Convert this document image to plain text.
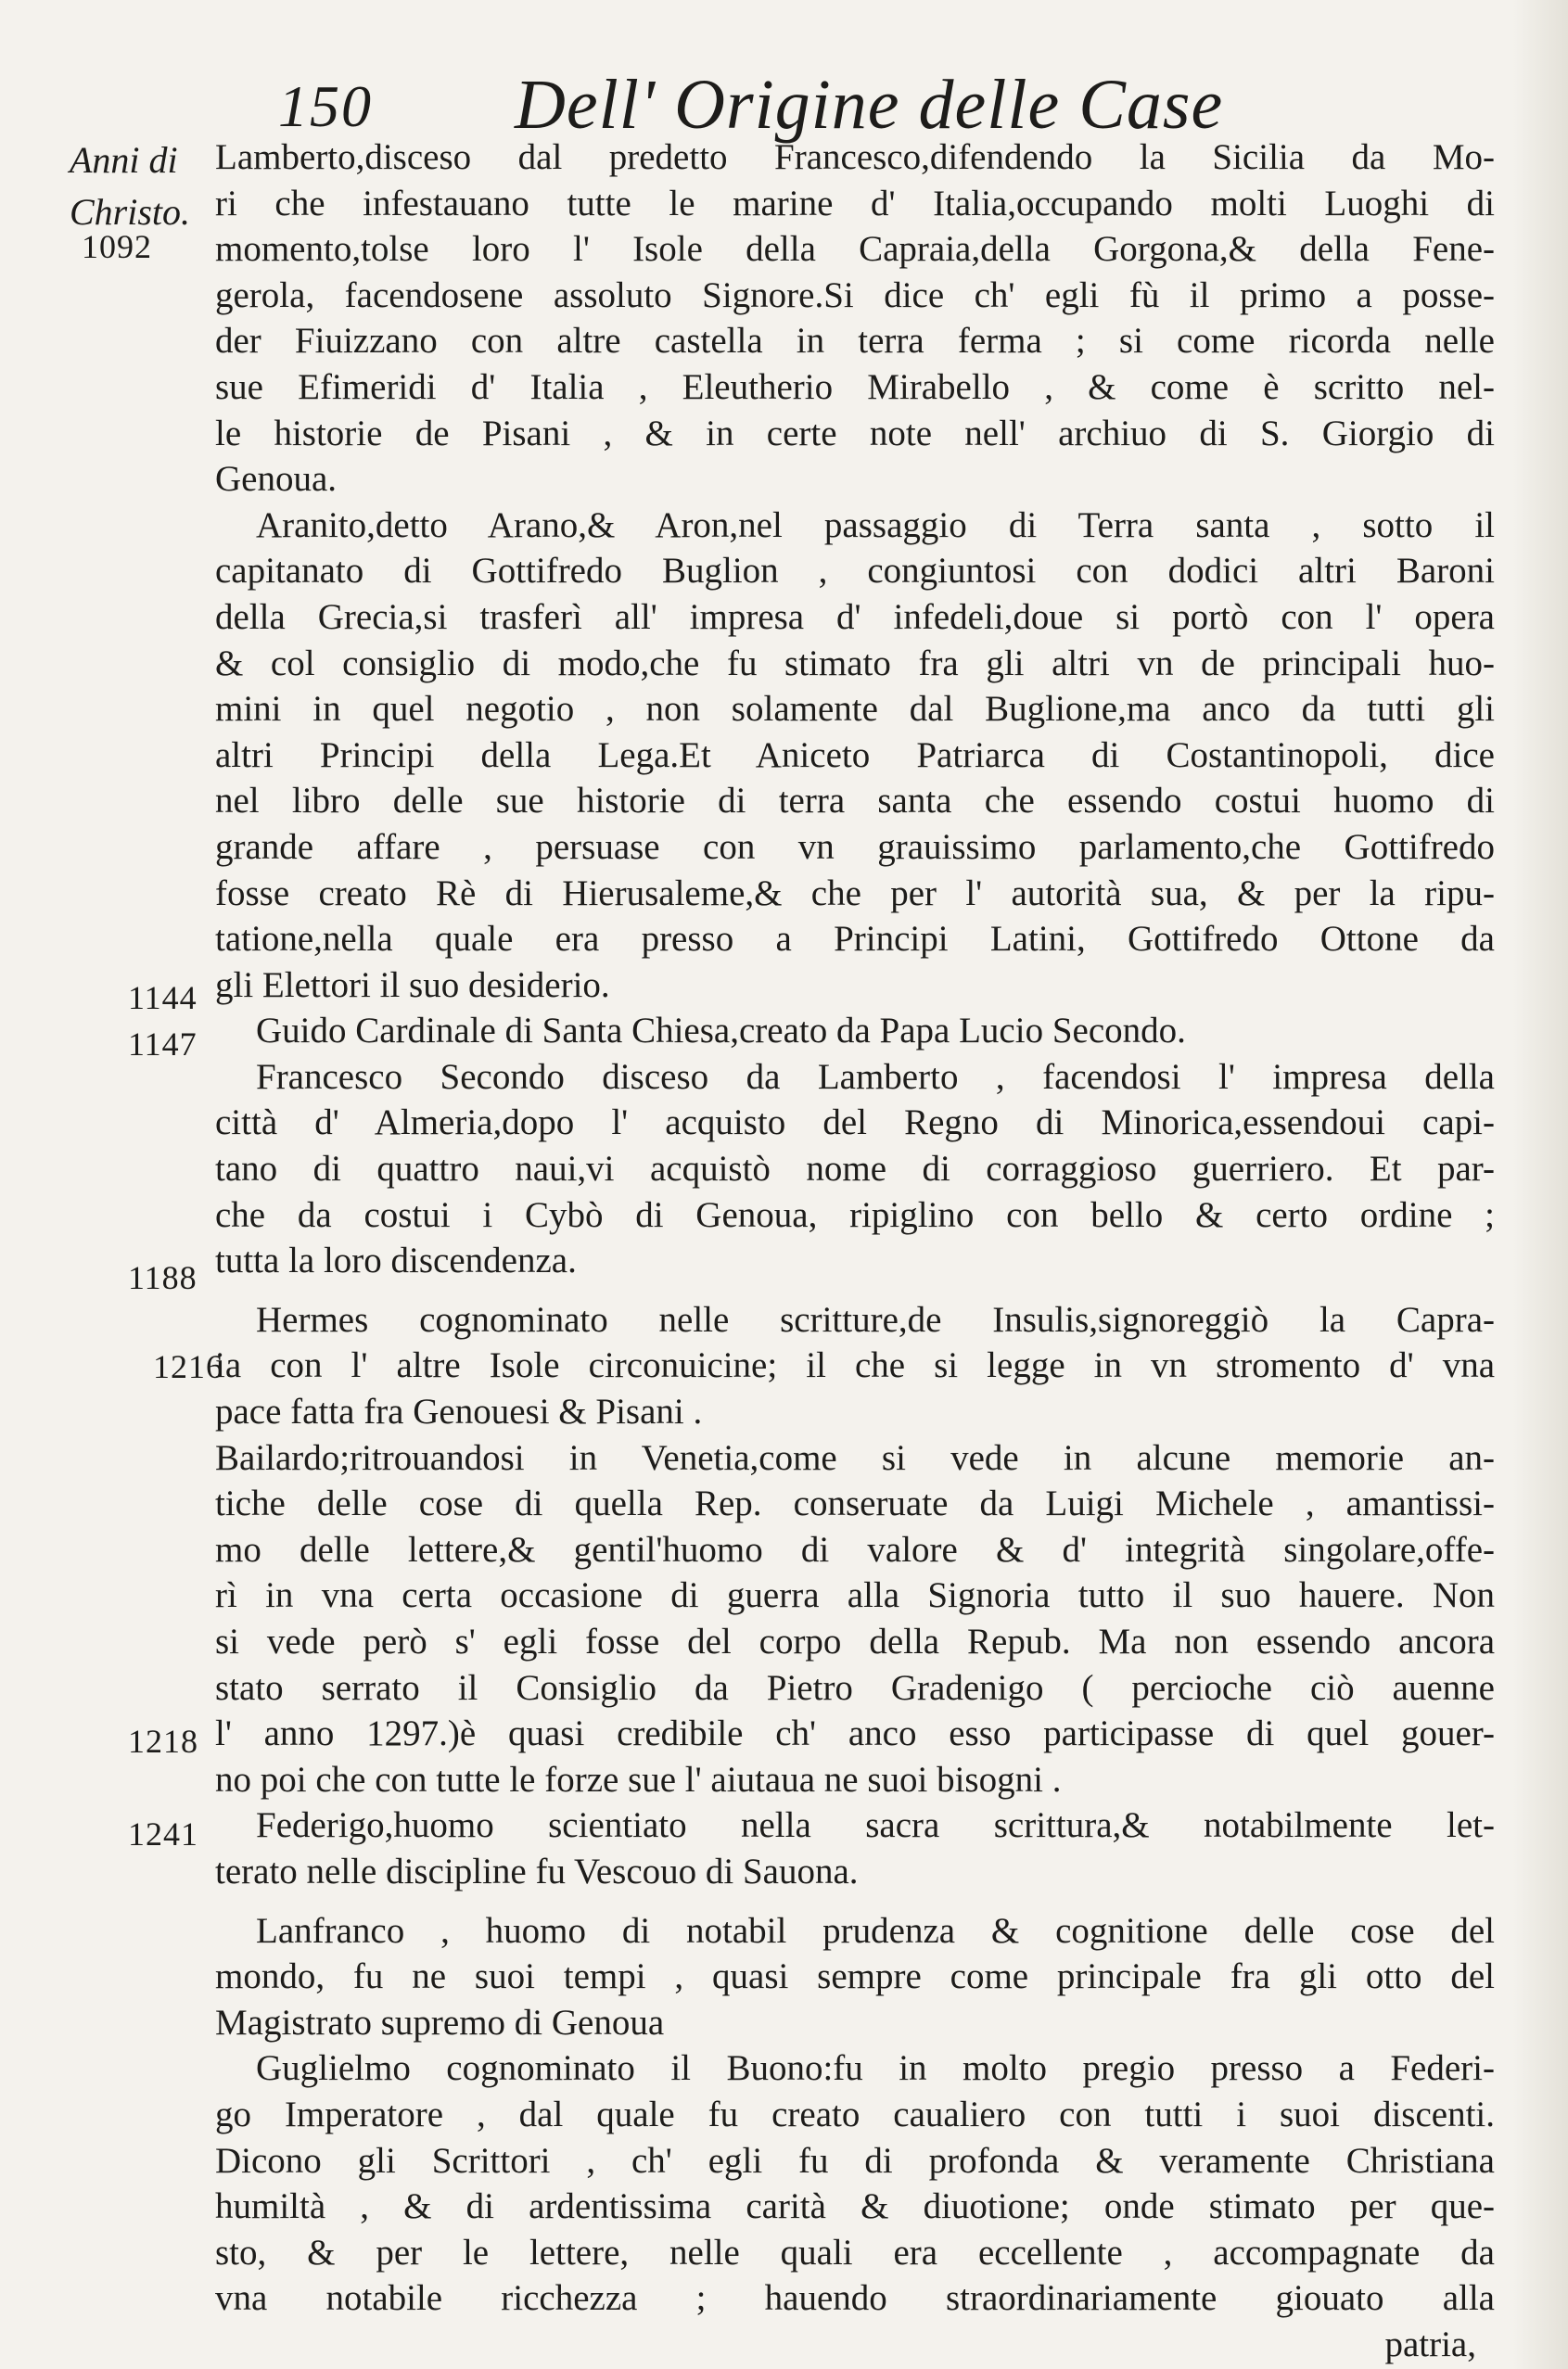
150 Dell' Origine delle Case
Anni di
Christo.
1092
1144
1147
1188
1216
1218
1241
Lamberto,disceso dal predetto Francesco,difendendo la Sicilia da Mo-
ri che infestauano tutte le marine d' Italia,occupando molti Luoghi di
momento,tolse loro l' Isole della Capraia,della Gorgona,& della Fene-
gerola, facendosene assoluto Signore.Si dice ch' egli fù il primo a posse-
der Fiuizzano con altre castella in terra ferma ; si come ricorda nelle
sue Efimeridi d' Italia , Eleutherio Mirabello , & come è scritto nel-
le historie de Pisani , & in certe note nell' archiuo di S. Giorgio di
Genoua.
Aranito,detto Arano,& Aron,nel passaggio di Terra santa , sotto il
capitanato di Gottifredo Buglion , congiuntosi con dodici altri Baroni
della Grecia,si trasferì all' impresa d' infedeli,doue si portò con l' opera
& col consiglio di modo,che fu stimato fra gli altri vn de principali huo-
mini in quel negotio , non solamente dal Buglione,ma anco da tutti gli
altri Principi della Lega.Et Aniceto Patriarca di Costantinopoli, dice
nel libro delle sue historie di terra santa che essendo costui huomo di
grande affare , persuase con vn grauissimo parlamento,che Gottifredo
fosse creato Rè di Hierusaleme,& che per l' autorità sua, & per la ripu-
tatione,nella quale era presso a Principi Latini, Gottifredo Ottone da
gli Elettori il suo desiderio.
Guido Cardinale di Santa Chiesa,creato da Papa Lucio Secondo.
Francesco Secondo disceso da Lamberto , facendosi l' impresa della
città d' Almeria,dopo l' acquisto del Regno di Minorica,essendoui capi-
tano di quattro naui,vi acquistò nome di corraggioso guerriero. Et par-
che da costui i Cybò di Genoua, ripiglino con bello & certo ordine ;
tutta la loro discendenza.
Hermes cognominato nelle scritture,de Insulis,signoreggiò la Capra-
ia con l' altre Isole circonuicine; il che si legge in vn stromento d' vna
pace fatta fra Genouesi & Pisani .
Bailardo;ritrouandosi in Venetia,come si vede in alcune memorie an-
tiche delle cose di quella Rep. conseruate da Luigi Michele , amantissi-
mo delle lettere,& gentil'huomo di valore & d' integrità singolare,offe-
rì in vna certa occasione di guerra alla Signoria tutto il suo hauere. Non
si vede però s' egli fosse del corpo della Repub. Ma non essendo ancora
stato serrato il Consiglio da Pietro Gradenigo ( percioche ciò auenne
l' anno 1297.)è quasi credibile ch' anco esso participasse di quel gouer-
no poi che con tutte le forze sue l' aiutaua ne suoi bisogni .
Federigo,huomo scientiato nella sacra scrittura,& notabilmente let-
terato nelle discipline fu Vescouo di Sauona.
Lanfranco , huomo di notabil prudenza & cognitione delle cose del
mondo, fu ne suoi tempi , quasi sempre come principale fra gli otto del
Magistrato supremo di Genoua
Guglielmo cognominato il Buono:fu in molto pregio presso a Federi-
go Imperatore , dal quale fu creato caualiero con tutti i suoi discenti.
Dicono gli Scrittori , ch' egli fu di profonda & veramente Christiana
humiltà , & di ardentissima carità & diuotione; onde stimato per que-
sto, & per le lettere, nelle quali era eccellente , accompagnate da
vna notabile ricchezza ; hauendo straordinariamente giouato alla
patria,
